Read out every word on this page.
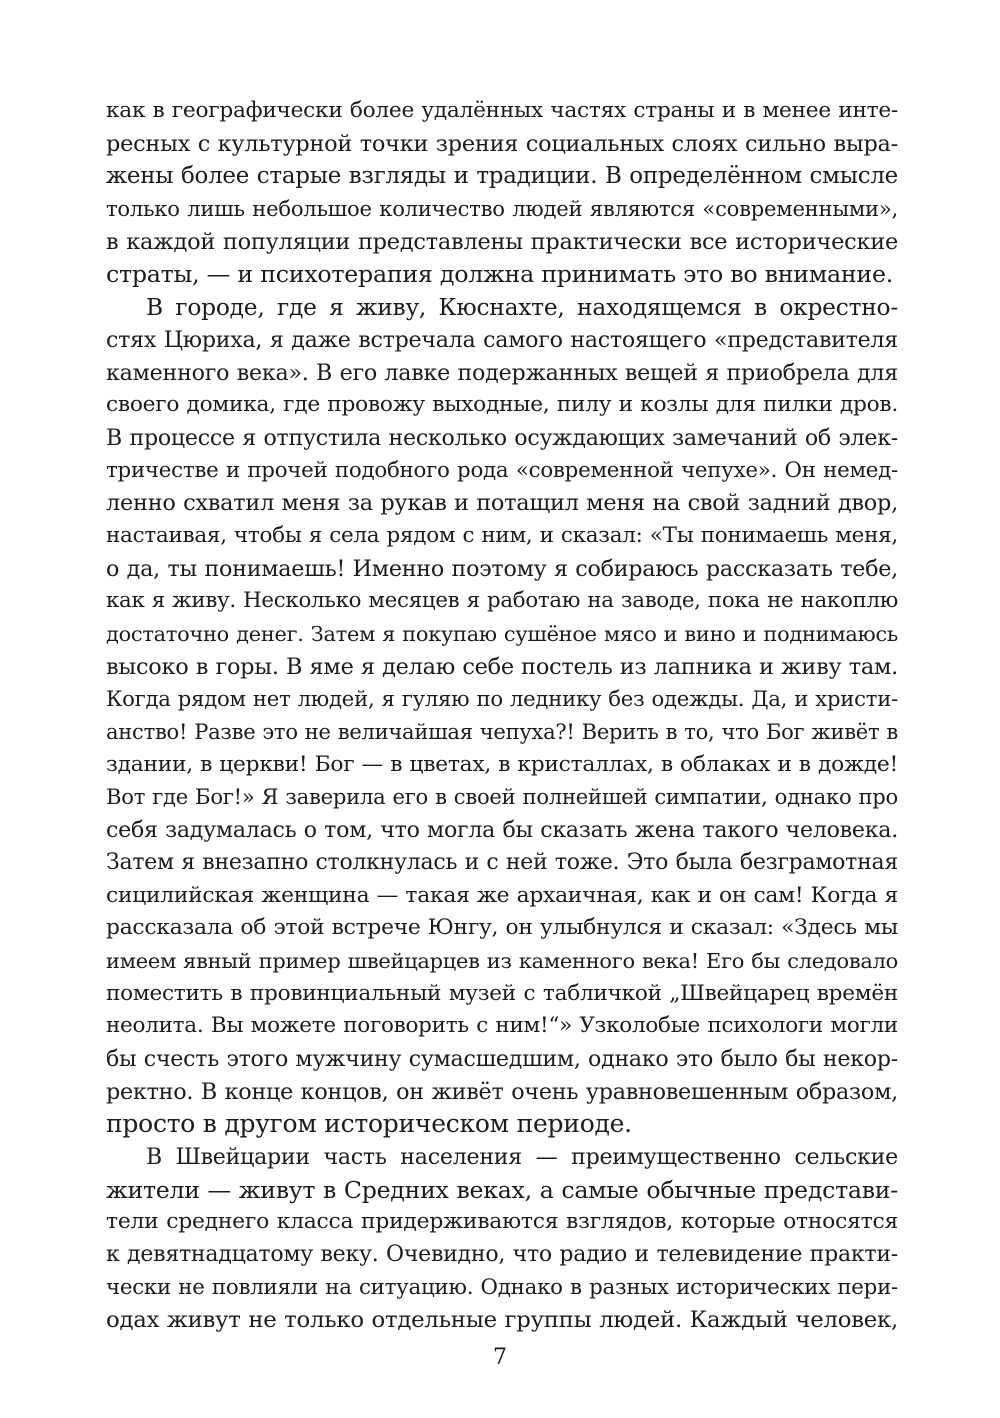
как в географически более удалённых частях страны и в менее инте-
ресных с культурной точки зрения социальных слоях сильно выра-
жены более старые взгляды и традиции. В определённом смысле
только лишь небольшое количество людей являются «современными»,
в каждой популяции представлены практически все исторические
страты, — и психотерапия должна принимать это во внимание.
В городе, где я живу, Кюснахте, находящемся в окрестно-
стях Цюриха, я даже встречала самого настоящего «представителя
каменного века». В его лавке подержанных вещей я приобрела для
своего домика, где провожу выходные, пилу и козлы для пилки дров.
В процессе я отпустила несколько осуждающих замечаний об элек-
тричестве и прочей подобного рода «современной чепухе». Он немед-
ленно схватил меня за рукав и потащил меня на свой задний двор,
настаивая, чтобы я села рядом с ним, и сказал: «Ты понимаешь меня,
о да, ты понимаешь! Именно поэтому я собираюсь рассказать тебе,
как я живу. Несколько месяцев я работаю на заводе, пока не накоплю
достаточно денег. Затем я покупаю сушёное мясо и вино и поднимаюсь
высоко в горы. В яме я делаю себе постель из лапника и живу там.
Когда рядом нет людей, я гуляю по леднику без одежды. Да, и христи-
анство! Разве это не величайшая чепуха?! Верить в то, что Бог живёт в
здании, в церкви! Бог — в цветах, в кристаллах, в облаках и в дожде!
Вот где Бог!» Я заверила его в своей полнейшей симпатии, однако про
себя задумалась о том, что могла бы сказать жена такого человека.
Затем я внезапно столкнулась и с ней тоже. Это была безграмотная
сицилийская женщина — такая же архаичная, как и он сам! Когда я
рассказала об этой встрече Юнгу, он улыбнулся и сказал: «Здесь мы
имеем явный пример швейцарцев из каменного века! Его бы следовало
поместить в провинциальный музей с табличкой „Швейцарец времён
неолита. Вы можете поговорить с ним!“» Узколобые психологи могли
бы счесть этого мужчину сумасшедшим, однако это было бы некор-
ректно. В конце концов, он живёт очень уравновешенным образом,
просто в другом историческом периоде.
В Швейцарии часть населения — преимущественно сельские
жители — живут в Средних веках, а самые обычные представи-
тели среднего класса придерживаются взглядов, которые относятся
к девятнадцатому веку. Очевидно, что радио и телевидение практи-
чески не повлияли на ситуацию. Однако в разных исторических пери-
одах живут не только отдельные группы людей. Каждый человек,
7
